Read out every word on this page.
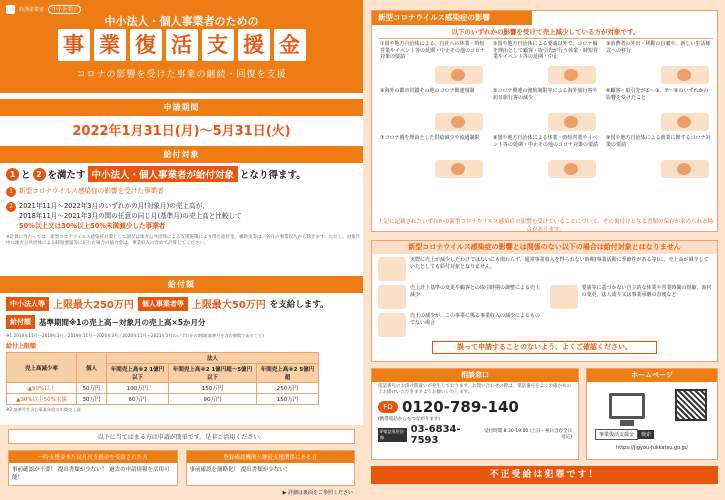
経済産業省	中小企業庁
中小法人・個人事業者のための
事 業 復 活 支 援 金
コロナの影響を受けた事業の継続・回復を支援
申請期間
2022年1月31日(月)～5月31日(火)
給付対象
1 と 2 を満たす 中小法人・個人事業者が給付対象 となり得ます。
1 新型コロナウイルス感染症の影響を受けた事業者
2 2021年11月～2022年3月のいずれかの月(対象月)の売上高が、
2018年11月～2021年3月の間の任意の同じ月(基準月)の売上高と比較して
50%以上又は30%以上50%未満減少した事業者
※計算に当たっては、新型コロナウイルス感染症対策として国又は地方公共団体による支援施策により得た給付金、補助金等は、各月の事業収入から除きます。ただし、対象月中に地方公共団体による時短要請等に応じた場合の協力金は、事業収入に含めて計算してください。
給付額
中小法人等 上限最大250万円	個人事業者等 上限最大50万円 を支給します。
給付額	基準期間※1の売上高－対象月の売上高×5か月分
※1 2018年11月～2019年3月／2019年11月～2020年3月／2020年11月～2021年3月のいずれかの期間(基準月を含む期間であること)
給付上限額
売上高減少率	個人	法人		
		年間売上高※2 1億円以下	年間売上高※2 1億円超～5億円以下	年間売上高※2 5億円超
▲50%以上	50万円	100万円	150万円	250万円
▲30%以上50%未満	30万円	60万円	90万円	150万円
※2 基準月を含む事業年度の年間売上高
以下に当てはまる方は申請が簡単です。是非ご活用ください。
一時支援金または月次支援金を受給された方
事前確認が不要！ 提出書類が少ない！ 過去の申請情報を活用可能！
登録確認機関と継続支援関係にある方
事前確認を簡略化！ 提出書類が少ない！
▶ 詳細は裏面をご参照ください
新型コロナウイルス感染症の影響
以下のいずれかの影響を受けて売上減少している方が対象です。
①国や地方自治体による、自社への休業・時短営業やイベント等の延期・中止その他のコロナ対策の要請
②国や地方自治体による要請以外で、コロナ禍を理由として顧客・取引先が行う休業・時短営業やイベント等の延期・中止
③消費者の外出・移動の自粛や、新しい生活様式への移行
④海外の都市封鎖その他のコロナ関連規制	⑤コロナ関連の渡航制限等による海外旅行客や訪日旅行客の減少
⑥顧客・取引先が①～③、⑦～⑨のいずれかの影響を受けたこと
⑦コロナ禍を理由とした供給減少や流通制限	⑧国や地方自治体による休業・時短営業やイベント等の延期・中止その他のコロナ対策の要請
⑨国や地方自治体による就業に関するコロナ対策の要請
上記に記載されたいずれかの新型コロナウイルス感染症の影響を受けていることについて、その裏付けとなる書類の保存が求められる場合があります。
新型コロナウイルス感染症の影響とは関係のない以下の場合は給付対象とはなりません
実際に売上が減少したわけではないにも関わらず、通常事業収入を得られない時期(事業活動に季節性がある等)に、売上高が減少していたとしても給付対象となりません。
売上計上基準の変更や顧客との取引時期の調整による売上減少
要請等に基づかない自主的な休業や営業時間の短縮、商材の変更、法人成り又は事業承継の直後など
売上の減少が、この事業に係る事業収入の減少によるものでない場合
誤って申請することのないよう、よくご確認ください。
相談窓口
電話番号のお掛け間違いが発生しております。お問い合わせの際は、電話番号をよくお確かめの上お掛けいただきますようお願いいたします。
FD 0120-789-140
(携帯電話からもつながります)
IP電話専用回線
03-6834-7593
受付時間 8:30-19:00 (土日・祝日含む全日対応)
ホームページ
事業復活支援金	検索
https://jigyou-fukkatsu.go.jp/
不正受給は犯罪です！
